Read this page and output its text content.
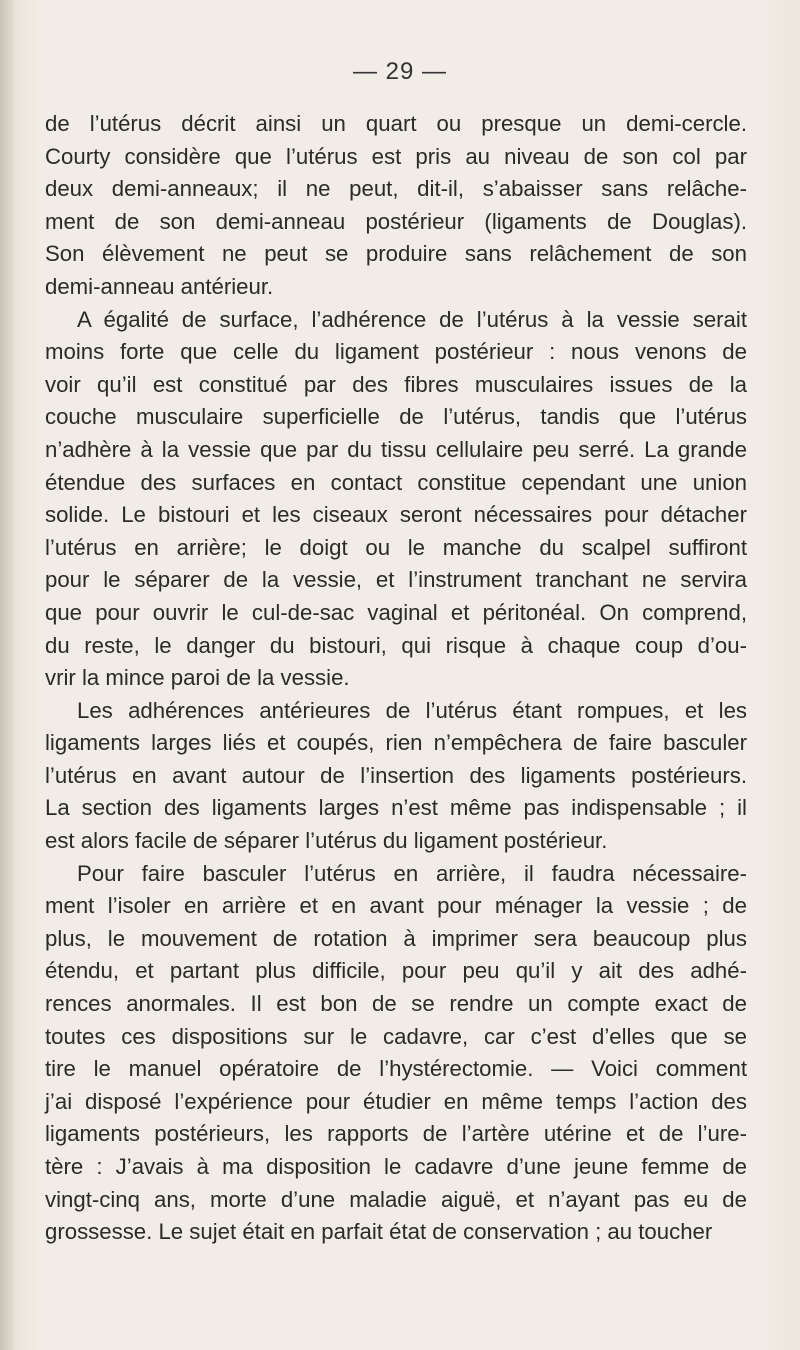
— 29 —
de l’utérus décrit ainsi un quart ou presque un demi-cercle.
Courty considère que l’utérus est pris au niveau de son col par
deux demi-anneaux; il ne peut, dit-il, s’abaisser sans relâche-
ment de son demi-anneau postérieur (ligaments de Douglas).
Son élèvement ne peut se produire sans relâchement de son
demi-anneau antérieur.
A égalité de surface, l’adhérence de l’utérus à la vessie serait
moins forte que celle du ligament postérieur : nous venons de
voir qu’il est constitué par des fibres musculaires issues de la
couche musculaire superficielle de l’utérus, tandis que l’utérus
n’adhère à la vessie que par du tissu cellulaire peu serré. La grande
étendue des surfaces en contact constitue cependant une union
solide. Le bistouri et les ciseaux seront nécessaires pour détacher
l’utérus en arrière; le doigt ou le manche du scalpel suffiront
pour le séparer de la vessie, et l’instrument tranchant ne servira
que pour ouvrir le cul-de-sac vaginal et péritonéal. On comprend,
du reste, le danger du bistouri, qui risque à chaque coup d’ou-
vrir la mince paroi de la vessie.
Les adhérences antérieures de l’utérus étant rompues, et les
ligaments larges liés et coupés, rien n’empêchera de faire basculer
l’utérus en avant autour de l’insertion des ligaments postérieurs.
La section des ligaments larges n’est même pas indispensable ; il
est alors facile de séparer l’utérus du ligament postérieur.
Pour faire basculer l’utérus en arrière, il faudra nécessaire-
ment l’isoler en arrière et en avant pour ménager la vessie ; de
plus, le mouvement de rotation à imprimer sera beaucoup plus
étendu, et partant plus difficile, pour peu qu’il y ait des adhé-
rences anormales. Il est bon de se rendre un compte exact de
toutes ces dispositions sur le cadavre, car c’est d’elles que se
tire le manuel opératoire de l’hystérectomie. — Voici comment
j’ai disposé l’expérience pour étudier en même temps l’action des
ligaments postérieurs, les rapports de l’artère utérine et de l’ure-
tère : J’avais à ma disposition le cadavre d’une jeune femme de
vingt-cinq ans, morte d’une maladie aiguë, et n’ayant pas eu de
grossesse. Le sujet était en parfait état de conservation ; au toucher
